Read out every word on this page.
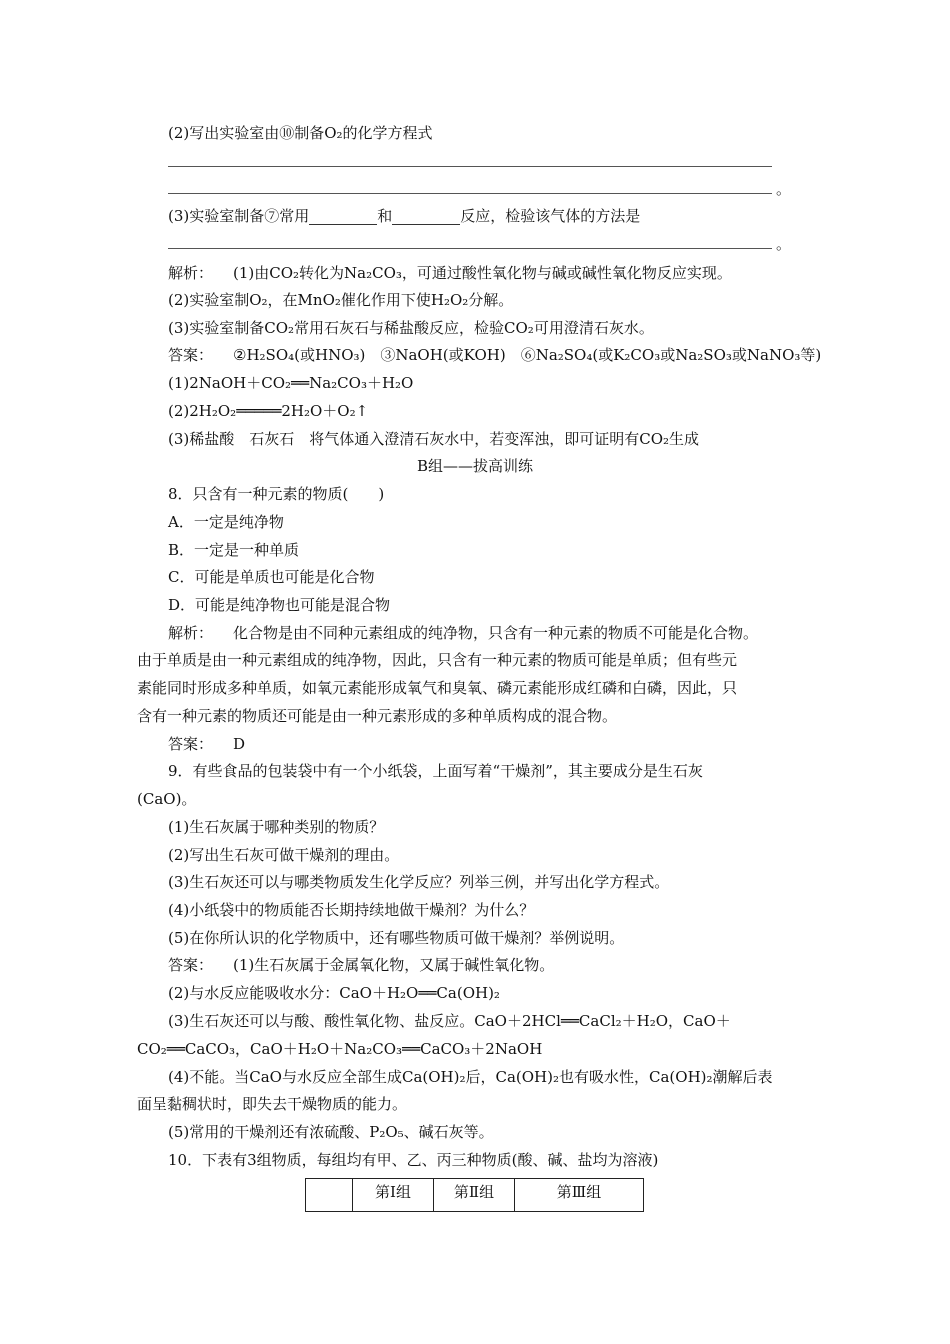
(2)写出实验室由⑩制备O₂的化学方程式
。
(3)实验室制备⑦常用	和	反应，检验该气体的方法是
。
解析： (1)由CO₂转化为Na₂CO₃，可通过酸性氧化物与碱或碱性氧化物反应实现。
(2)实验室制O₂，在MnO₂催化作用下使H₂O₂分解。
(3)实验室制备CO₂常用石灰石与稀盐酸反应，检验CO₂可用澄清石灰水。
答案： ②H₂SO₄(或HNO₃)　③NaOH(或KOH)　⑥Na₂SO₄(或K₂CO₃或Na₂SO₃或NaNO₃等)
(1)2NaOH＋CO₂══Na₂CO₃＋H₂O
(2)2H₂O₂═════2H₂O＋O₂↑
(3)稀盐酸　石灰石　将气体通入澄清石灰水中，若变浑浊，即可证明有CO₂生成
B组——拔高训练
8．只含有一种元素的物质(　　)
A．一定是纯净物
B．一定是一种单质
C．可能是单质也可能是化合物
D．可能是纯净物也可能是混合物
解析： 化合物是由不同种元素组成的纯净物，只含有一种元素的物质不可能是化合物。
由于单质是由一种元素组成的纯净物，因此，只含有一种元素的物质可能是单质；但有些元
素能同时形成多种单质，如氧元素能形成氧气和臭氧、磷元素能形成红磷和白磷，因此，只
含有一种元素的物质还可能是由一种元素形成的多种单质构成的混合物。
答案： D
9．有些食品的包装袋中有一个小纸袋，上面写着“干燥剂”，其主要成分是生石灰
(CaO)。
(1)生石灰属于哪种类别的物质？
(2)写出生石灰可做干燥剂的理由。
(3)生石灰还可以与哪类物质发生化学反应？列举三例，并写出化学方程式。
(4)小纸袋中的物质能否长期持续地做干燥剂？为什么？
(5)在你所认识的化学物质中，还有哪些物质可做干燥剂？举例说明。
答案： (1)生石灰属于金属氧化物，又属于碱性氧化物。
(2)与水反应能吸收水分：CaO＋H₂O══Ca(OH)₂
(3)生石灰还可以与酸、酸性氧化物、盐反应。CaO＋2HCl══CaCl₂＋H₂O，CaO＋
CO₂══CaCO₃，CaO＋H₂O＋Na₂CO₃══CaCO₃＋2NaOH
(4)不能。当CaO与水反应全部生成Ca(OH)₂后，Ca(OH)₂也有吸水性，Ca(OH)₂潮解后表
面呈黏稠状时，即失去干燥物质的能力。
(5)常用的干燥剂还有浓硫酸、P₂O₅、碱石灰等。
10．下表有3组物质，每组均有甲、乙、丙三种物质(酸、碱、盐均为溶液)
	第Ⅰ组	第Ⅱ组	第Ⅲ组
